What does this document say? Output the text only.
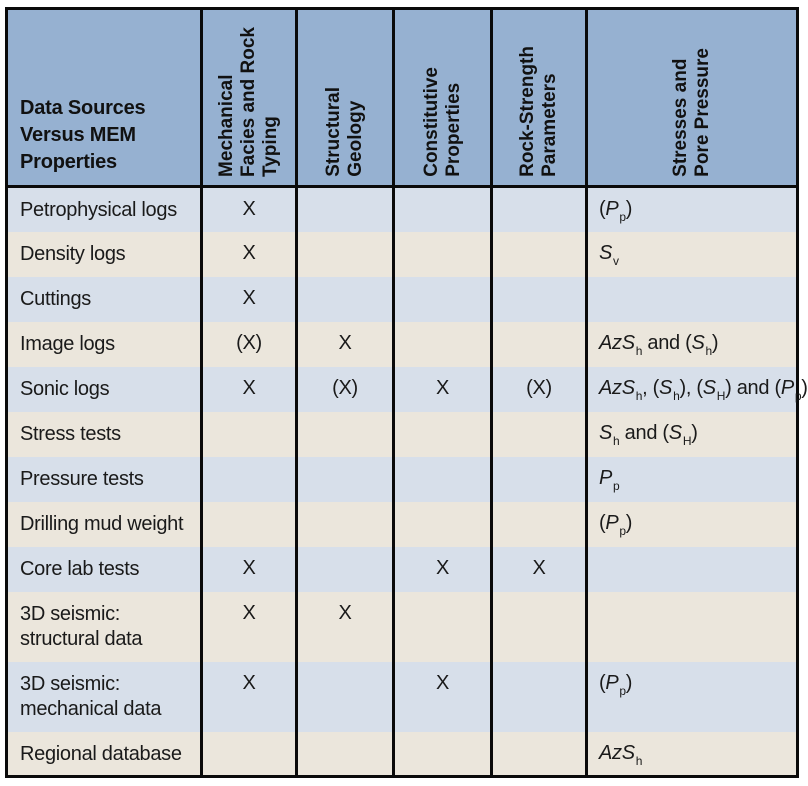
Data Sources
Versus MEM
Properties	Mechanical Facies and Rock Typing	Structural Geology	Constitutive Properties	Rock-Strength Parameters	Stresses and Pore Pressure

Petrophysical logs	X				$(P_p)$

Density logs	X				$S_v$

Cuttings	X				

Image logs	(X)	X			AzS$_h$ and $(S_h)$

Sonic logs	X	(X)	X	(X)	AzS$_h$, $(S_h)$, $(S_H)$ and $(P_p)$

Stress tests					$S_h$ and $(S_H)$

Pressure tests					$P_p$

Drilling mud weight					$(P_p)$

Core lab tests	X		X	X	

3D seismic:
structural data	X	X			

3D seismic:
mechanical data	X		X		$(P_p)$

Regional database					AzS$_h$
